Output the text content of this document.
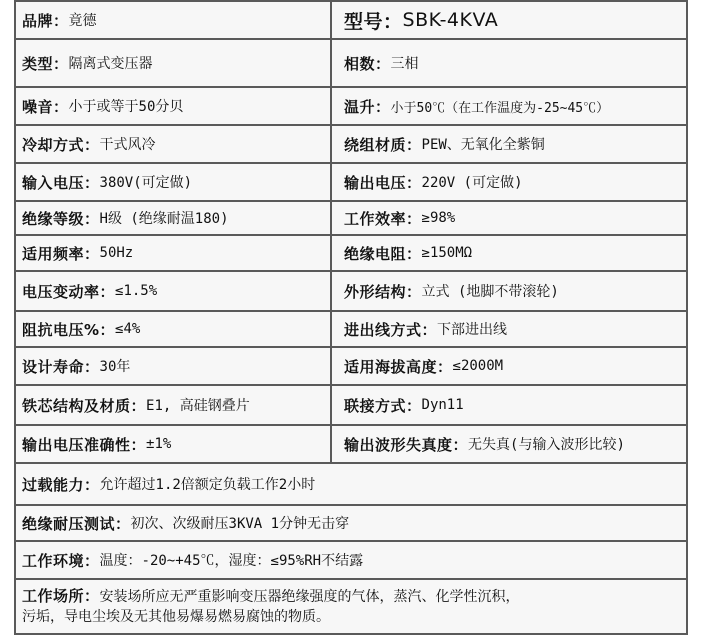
品牌： 竟德	型号： SBK-4KVA
类型： 隔离式变压器	相数： 三相
噪音： 小于或等于50分贝	温升： 小于50℃（在工作温度为-25~45℃）
冷却方式： 干式风冷	绕组材质： PEW、无氧化全紫铜
输入电压： 380V(可定做)	输出电压： 220V (可定做)
绝缘等级： H级 (绝缘耐温180)	工作效率： ≥98%
适用频率： 50Hz	绝缘电阻： ≥150MΩ
电压变动率： ≤1.5%	外形结构： 立式 (地脚不带滚轮)
阻抗电压%： ≤4%	进出线方式： 下部进出线
设计寿命： 30年	适用海拔高度： ≤2000M
铁芯结构及材质： E1, 高硅钢叠片	联接方式： Dyn11
输出电压准确性： ±1%	输出波形失真度： 无失真(与输入波形比较)
过载能力： 允许超过1.2倍额定负载工作2小时
绝缘耐压测试： 初次、次级耐压3KVA 1分钟无击穿
工作环境： 温度：-20~+45℃，湿度：≤95%RH不结露
工作场所：安装场所应无严重影响变压器绝缘强度的气体，蒸汽、化学性沉积，
污垢，导电尘埃及无其他易爆易燃易腐蚀的物质。
